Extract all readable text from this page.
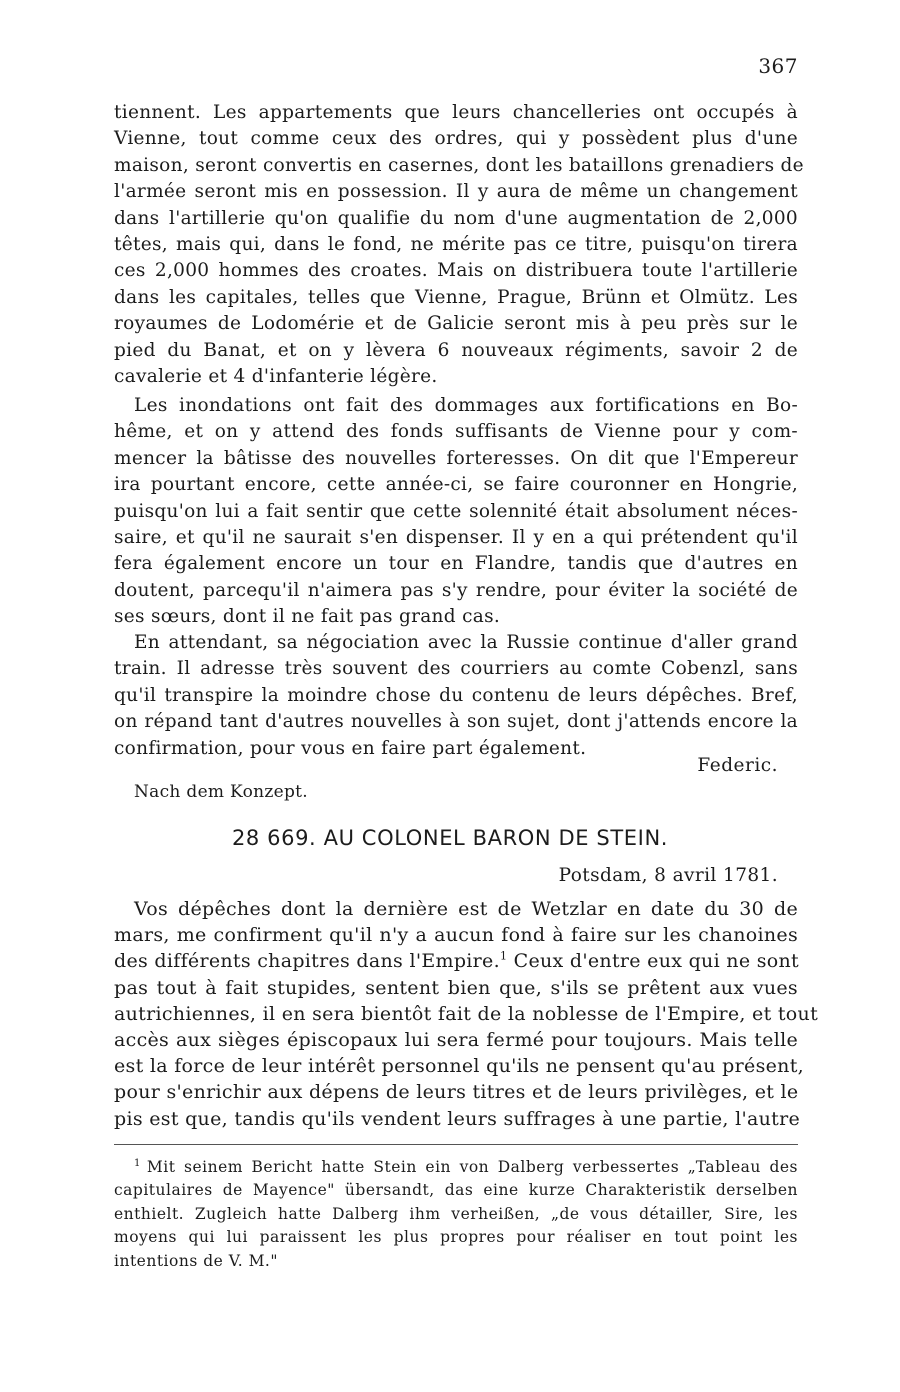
367
tiennent. Les appartements que leurs chancelleries ont occupés à
Vienne, tout comme ceux des ordres, qui y possèdent plus d'une
maison, seront convertis en casernes, dont les bataillons grenadiers de
l'armée seront mis en possession. Il y aura de même un changement
dans l'artillerie qu'on qualifie du nom d'une augmentation de 2,000
têtes, mais qui, dans le fond, ne mérite pas ce titre, puisqu'on tirera
ces 2,000 hommes des croates. Mais on distribuera toute l'artillerie
dans les capitales, telles que Vienne, Prague, Brünn et Olmütz. Les
royaumes de Lodomérie et de Galicie seront mis à peu près sur le
pied du Banat, et on y lèvera 6 nouveaux régiments, savoir 2 de
cavalerie et 4 d'infanterie légère.
Les inondations ont fait des dommages aux fortifications en Bo-
hême, et on y attend des fonds suffisants de Vienne pour y com-
mencer la bâtisse des nouvelles forteresses. On dit que l'Empereur
ira pourtant encore, cette année-ci, se faire couronner en Hongrie,
puisqu'on lui a fait sentir que cette solennité était absolument néces-
saire, et qu'il ne saurait s'en dispenser. Il y en a qui prétendent qu'il
fera également encore un tour en Flandre, tandis que d'autres en
doutent, parcequ'il n'aimera pas s'y rendre, pour éviter la société de
ses sœurs, dont il ne fait pas grand cas.
En attendant, sa négociation avec la Russie continue d'aller grand
train. Il adresse très souvent des courriers au comte Cobenzl, sans
qu'il transpire la moindre chose du contenu de leurs dépêches. Bref,
on répand tant d'autres nouvelles à son sujet, dont j'attends encore la
confirmation, pour vous en faire part également.
Federic.
Nach dem Konzept.
28 669. AU COLONEL BARON DE STEIN.
Potsdam, 8 avril 1781.
Vos dépêches dont la dernière est de Wetzlar en date du 30 de
mars, me confirment qu'il n'y a aucun fond à faire sur les chanoines
des différents chapitres dans l'Empire.$^1$ Ceux d'entre eux qui ne sont
pas tout à fait stupides, sentent bien que, s'ils se prêtent aux vues
autrichiennes, il en sera bientôt fait de la noblesse de l'Empire, et tout
accès aux sièges épiscopaux lui sera fermé pour toujours. Mais telle
est la force de leur intérêt personnel qu'ils ne pensent qu'au présent,
pour s'enrichir aux dépens de leurs titres et de leurs privilèges, et le
pis est que, tandis qu'ils vendent leurs suffrages à une partie, l'autre
$^1$ Mit seinem Bericht hatte Stein ein von Dalberg verbessertes „Tableau des
capitulaires de Mayence" übersandt, das eine kurze Charakteristik derselben
enthielt. Zugleich hatte Dalberg ihm verheißen, „de vous détailler, Sire, les
moyens qui lui paraissent les plus propres pour réaliser en tout point les
intentions de V. M."
